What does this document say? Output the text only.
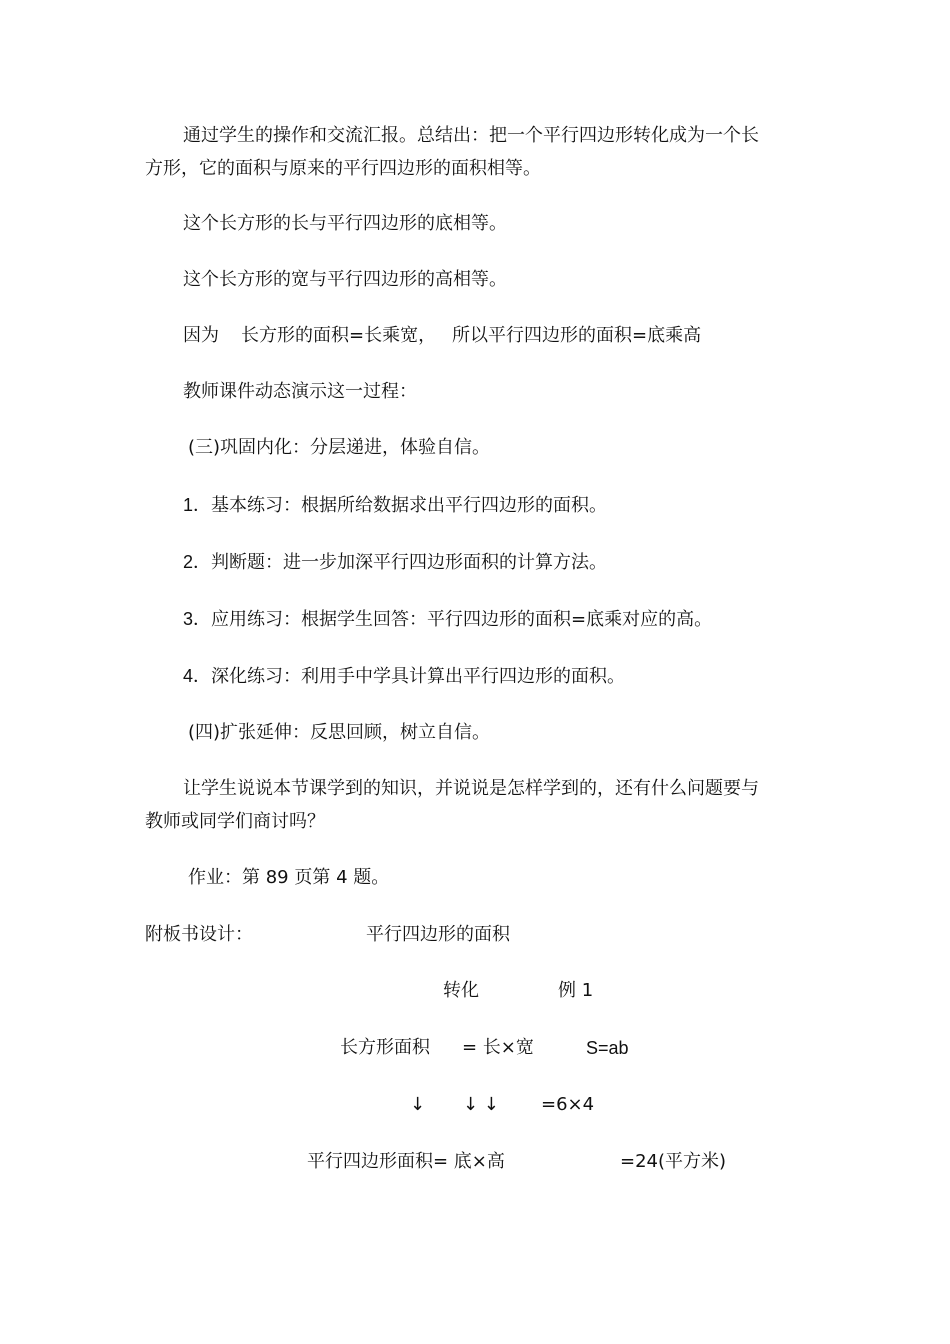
通过学生的操作和交流汇报。总结出：把一个平行四边形转化成为一个长
方形，它的面积与原来的平行四边形的面积相等。
这个长方形的长与平行四边形的底相等。
这个长方形的宽与平行四边形的高相等。
因为 长方形的面积=长乘宽， 所以平行四边形的面积=底乘高
教师课件动态演示这一过程：
(三)巩固内化：分层递进，体验自信。
1．基本练习：根据所给数据求出平行四边形的面积。
2．判断题：进一步加深平行四边形面积的计算方法。
3．应用练习：根据学生回答：平行四边形的面积=底乘对应的高。
4．深化练习：利用手中学具计算出平行四边形的面积。
(四)扩张延伸：反思回顾，树立自信。
让学生说说本节课学到的知识，并说说是怎样学到的，还有什么问题要与
教师或同学们商讨吗？
作业：第 89 页第 4 题。
附板书设计：	平行四边形的面积
转化	例 1
长方形面积 = 长×宽	S=ab
↓ ↓ ↓ =6×4
平行四边形面积= 底×高	=24(平方米)
